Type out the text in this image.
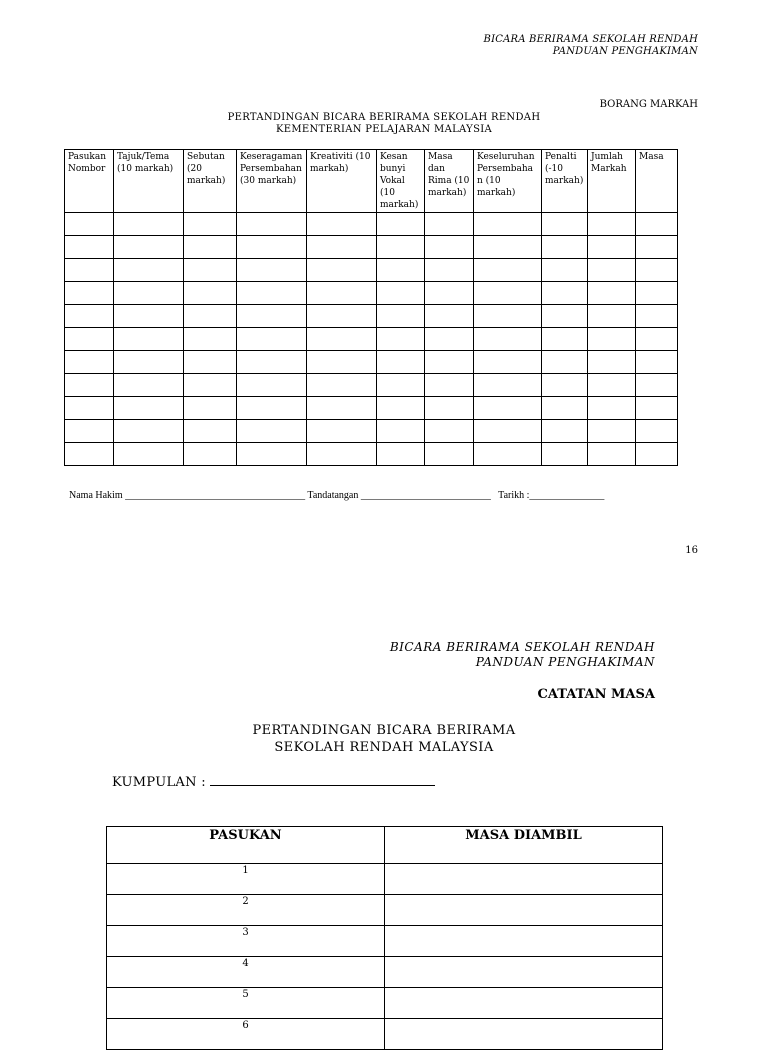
BICARA BERIRAMA SEKOLAH RENDAH
PANDUAN PENGHAKIMAN
BORANG MARKAH
PERTANDINGAN BICARA BERIRAMA SEKOLAH RENDAH
KEMENTERIAN PELAJARAN MALAYSIA
Pasukan Nombor	Tajuk/Tema (10 markah)	Sebutan (20 markah)	Keseragaman Persembahan (30 markah)	Kreativiti (10 markah)	Kesan bunyi Vokal (10 markah)	Masa dan Rima (10 markah)	Keseluruhan Persembaha n (10 markah)	Penalti (-10 markah)	Jumlah Markah	Masa

Nama Hakim ____________________________________ Tandatangan __________________________   Tarikh :_______________
16
BICARA BERIRAMA SEKOLAH RENDAH
PANDUAN PENGHAKIMAN
CATATAN MASA
PERTANDINGAN BICARA BERIRAMA
SEKOLAH RENDAH MALAYSIA
KUMPULAN :
PASUKAN	MASA DIAMBIL
1	
2	
3	
4	
5	
6	
